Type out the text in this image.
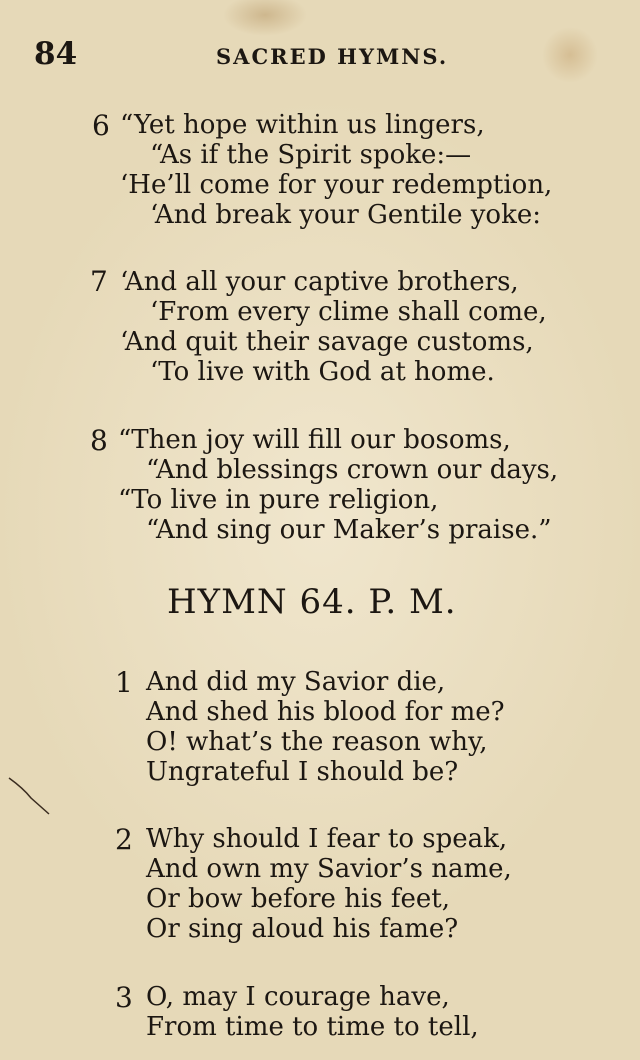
84	SACRED HYMNS.
6 “Yet hope within us lingers,
“As if the Spirit spoke:—
‘He’ll come for your redemption,
‘And break your Gentile yoke:
7 ‘And all your captive brothers,
‘From every clime shall come,
‘And quit their savage customs,
‘To live with God at home.
8 “Then joy will fill our bosoms,
“And blessings crown our days,
“To live in pure religion,
“And sing our Maker’s praise.”
HYMN 64. P. M.
1 And did my Savior die,
And shed his blood for me?
O! what’s the reason why,
Ungrateful I should be?
2 Why should I fear to speak,
And own my Savior’s name,
Or bow before his feet,
Or sing aloud his fame?
3 O, may I courage have,
From time to time to tell,
